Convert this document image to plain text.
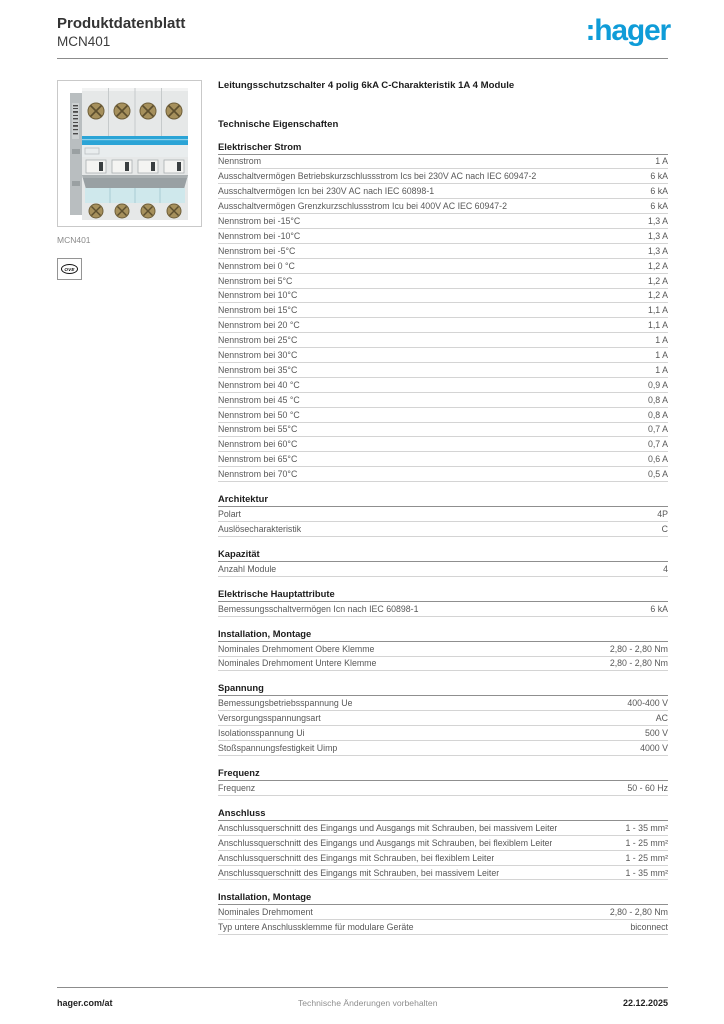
Produktdatenblatt
MCN401	:hager
MCN401
OVE
Leitungsschutzschalter 4 polig 6kA C-Charakteristik 1A 4 Module
Technische Eigenschaften
Elektrischer Strom
Nennstrom	1 A
Ausschaltvermögen Betriebskurzschlussstrom Ics bei 230V AC nach IEC 60947-2	6 kA
Ausschaltvermögen Icn bei 230V AC nach IEC 60898-1	6 kA
Ausschaltvermögen Grenzkurzschlussstrom Icu bei 400V AC IEC 60947-2	6 kA
Nennstrom bei -15°C	1,3 A
Nennstrom bei -10°C	1,3 A
Nennstrom bei -5°C	1,3 A
Nennstrom bei 0 °C	1,2 A
Nennstrom bei 5°C	1,2 A
Nennstrom bei 10°C	1,2 A
Nennstrom bei 15°C	1,1 A
Nennstrom bei 20 °C	1,1 A
Nennstrom bei 25°C	1 A
Nennstrom bei 30°C	1 A
Nennstrom bei 35°C	1 A
Nennstrom bei 40 °C	0,9 A
Nennstrom bei 45 °C	0,8 A
Nennstrom bei 50 °C	0,8 A
Nennstrom bei 55°C	0,7 A
Nennstrom bei 60°C	0,7 A
Nennstrom bei 65°C	0,6 A
Nennstrom bei 70°C	0,5 A
Architektur
Polart	4P
Auslösecharakteristik	C
Kapazität
Anzahl Module	4
Elektrische Hauptattribute
Bemessungsschaltvermögen Icn nach IEC 60898-1	6 kA
Installation, Montage
Nominales Drehmoment Obere Klemme	2,80 - 2,80 Nm
Nominales Drehmoment Untere Klemme	2,80 - 2,80 Nm
Spannung
Bemessungsbetriebsspannung Ue	400-400 V
Versorgungsspannungsart	AC
Isolationsspannung Ui	500 V
Stoßspannungsfestigkeit Uimp	4000 V
Frequenz
Frequenz	50 - 60 Hz
Anschluss
Anschlussquerschnitt des Eingangs und Ausgangs mit Schrauben, bei massivem Leiter	1 - 35 mm²
Anschlussquerschnitt des Eingangs und Ausgangs mit Schrauben, bei flexiblem Leiter	1 - 25 mm²
Anschlussquerschnitt des Eingangs mit Schrauben, bei flexiblem Leiter	1 - 25 mm²
Anschlussquerschnitt des Eingangs mit Schrauben, bei massivem Leiter	1 - 35 mm²
Installation, Montage
Nominales Drehmoment	2,80 - 2,80 Nm
Typ untere Anschlussklemme für modulare Geräte	biconnect
hager.com/at	Technische Änderungen vorbehalten	22.12.2025
